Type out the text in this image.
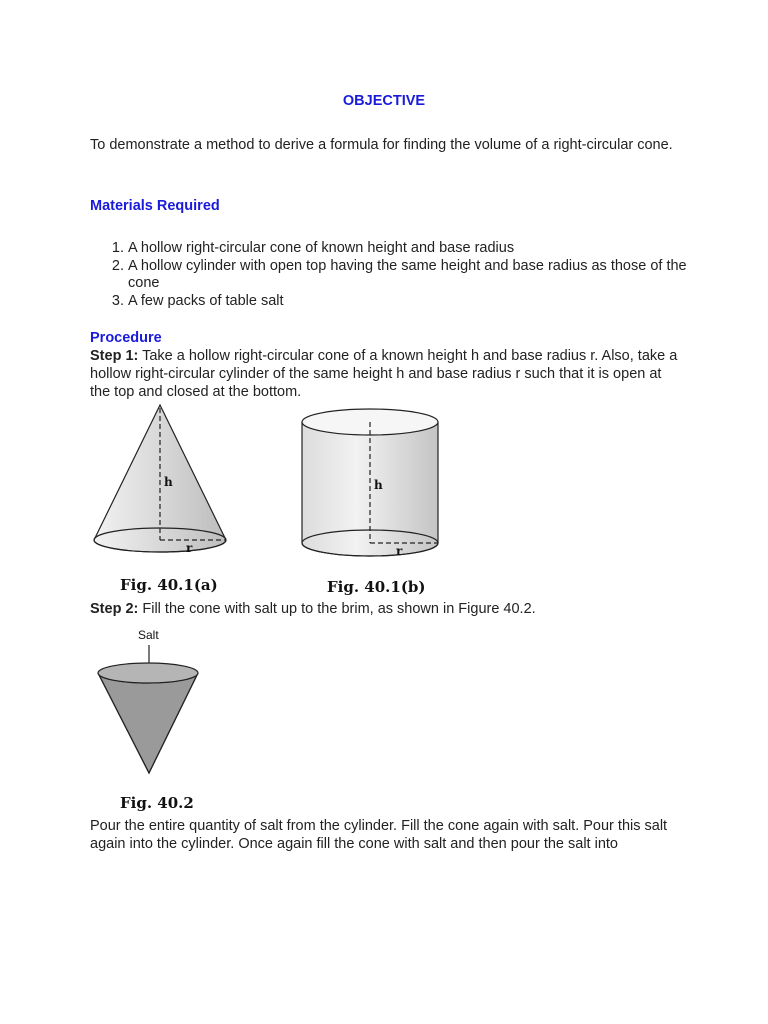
OBJECTIVE

To demonstrate a method to derive a formula for finding the volume of a right-circular cone.

Materials Required
1. A hollow right-circular cone of known height and base radius
2. A hollow cylinder with open top having the same height and base radius as those of the cone
3. A few packs of table salt
Procedure

Step 1: Take a hollow right-circular cone of a known height h and base radius r. Also, take a hollow right-circular cylinder of the same height h and base radius r such that it is open at the top and closed at the bottom.

h
r
Fig. 40.1(a)
h
r
Fig. 40.1(b)

Step 2: Fill the cone with salt up to the brim, as shown in Figure 40.2.

Salt
Fig. 40.2

Pour the entire quantity of salt from the cylinder. Fill the cone again with salt. Pour this salt again into the cylinder. Once again fill the cone with salt and then pour the salt into
